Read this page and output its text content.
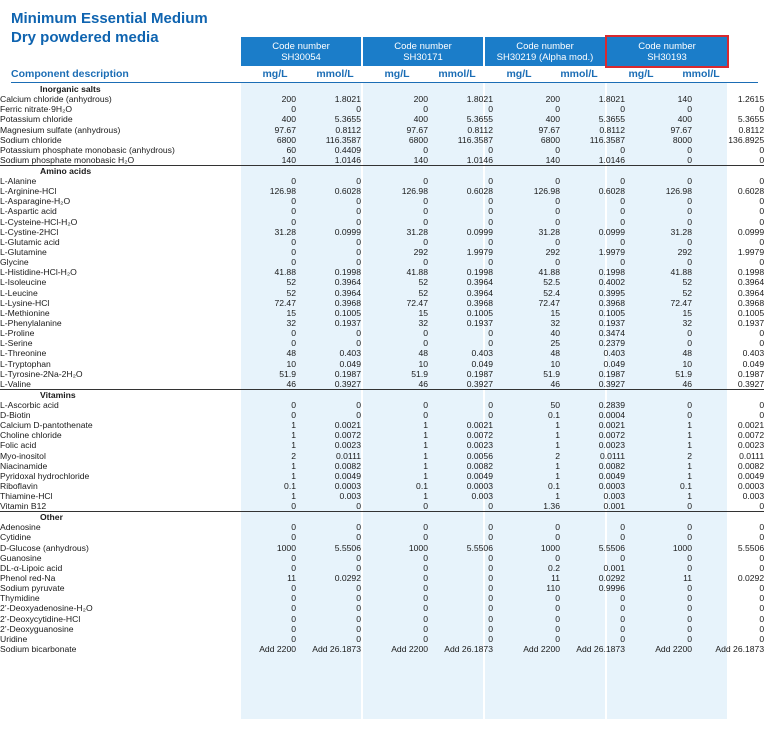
Minimum Essential Medium
Dry powdered media
Code number
SH30054
Code number
SH30171
Code number
SH30219 (Alpha mod.)
Code number
SH30193
Component description	mg/L	mmol/L	mg/L	mmol/L	mg/L	mmol/L	mg/L	mmol/L
Inorganic salts								
Calcium chloride (anhydrous)	200	1.8021	200	1.8021	200	1.8021	140	1.2615
Ferric nitrate·9H₂O	0	0	0	0	0	0	0	0
Potassium chloride	400	5.3655	400	5.3655	400	5.3655	400	5.3655
Magnesium sulfate (anhydrous)	97.67	0.8112	97.67	0.8112	97.67	0.8112	97.67	0.8112
Sodium chloride	6800	116.3587	6800	116.3587	6800	116.3587	8000	136.8925
Potassium phosphate monobasic (anhydrous)	60	0.4409	0	0	0	0	0	0
Sodium phosphate monobasic H₂O	140	1.0146	140	1.0146	140	1.0146	0	0
Amino acids								
L-Alanine	0	0	0	0	0	0	0	0
L-Arginine-HCl	126.98	0.6028	126.98	0.6028	126.98	0.6028	126.98	0.6028
L-Asparagine-H₂O	0	0	0	0	0	0	0	0
L-Aspartic acid	0	0	0	0	0	0	0	0
L-Cysteine-HCl-H₂O	0	0	0	0	0	0	0	0
L-Cystine-2HCl	31.28	0.0999	31.28	0.0999	31.28	0.0999	31.28	0.0999
L-Glutamic acid	0	0	0	0	0	0	0	0
L-Glutamine	0	0	292	1.9979	292	1.9979	292	1.9979
Glycine	0	0	0	0	0	0	0	0
L-Histidine-HCl-H₂O	41.88	0.1998	41.88	0.1998	41.88	0.1998	41.88	0.1998
L-Isoleucine	52	0.3964	52	0.3964	52.5	0.4002	52	0.3964
L-Leucine	52	0.3964	52	0.3964	52.4	0.3995	52	0.3964
L-Lysine-HCl	72.47	0.3968	72.47	0.3968	72.47	0.3968	72.47	0.3968
L-Methionine	15	0.1005	15	0.1005	15	0.1005	15	0.1005
L-Phenylalanine	32	0.1937	32	0.1937	32	0.1937	32	0.1937
L-Proline	0	0	0	0	40	0.3474	0	0
L-Serine	0	0	0	0	25	0.2379	0	0
L-Threonine	48	0.403	48	0.403	48	0.403	48	0.403
L-Tryptophan	10	0.049	10	0.049	10	0.049	10	0.049
L-Tyrosine-2Na-2H₂O	51.9	0.1987	51.9	0.1987	51.9	0.1987	51.9	0.1987
L-Valine	46	0.3927	46	0.3927	46	0.3927	46	0.3927
Vitamins								
L-Ascorbic acid	0	0	0	0	50	0.2839	0	0
D-Biotin	0	0	0	0	0.1	0.0004	0	0
Calcium D-pantothenate	1	0.0021	1	0.0021	1	0.0021	1	0.0021
Choline chloride	1	0.0072	1	0.0072	1	0.0072	1	0.0072
Folic acid	1	0.0023	1	0.0023	1	0.0023	1	0.0023
Myo-inositol	2	0.0111	1	0.0056	2	0.0111	2	0.0111
Niacinamide	1	0.0082	1	0.0082	1	0.0082	1	0.0082
Pyridoxal hydrochloride	1	0.0049	1	0.0049	1	0.0049	1	0.0049
Riboflavin	0.1	0.0003	0.1	0.0003	0.1	0.0003	0.1	0.0003
Thiamine-HCl	1	0.003	1	0.003	1	0.003	1	0.003
Vitamin B12	0	0	0	0	1.36	0.001	0	0
Other								
Adenosine	0	0	0	0	0	0	0	0
Cytidine	0	0	0	0	0	0	0	0
D-Glucose (anhydrous)	1000	5.5506	1000	5.5506	1000	5.5506	1000	5.5506
Guanosine	0	0	0	0	0	0	0	0
DL-α-Lipoic acid	0	0	0	0	0.2	0.001	0	0
Phenol red-Na	11	0.0292	0	0	11	0.0292	11	0.0292
Sodium pyruvate	0	0	0	0	110	0.9996	0	0
Thymidine	0	0	0	0	0	0	0	0
2’-Deoxyadenosine-H₂O	0	0	0	0	0	0	0	0
2’-Deoxycytidine-HCl	0	0	0	0	0	0	0	0
2’-Deoxyguanosine	0	0	0	0	0	0	0	0
Uridine	0	0	0	0	0	0	0	0
Sodium bicarbonate	Add 2200	Add 26.1873	Add 2200	Add 26.1873	Add 2200	Add 26.1873	Add 2200	Add 26.1873
